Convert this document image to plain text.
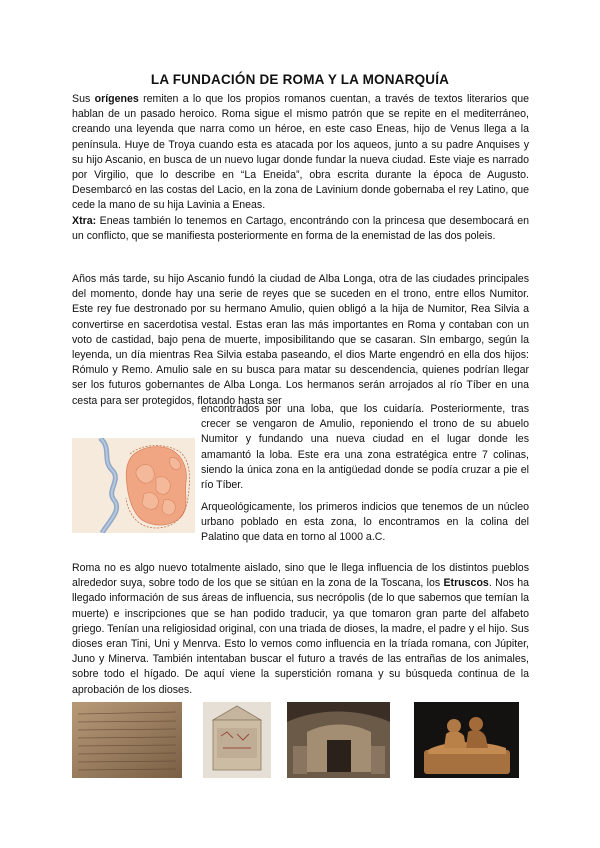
LA FUNDACIÓN DE ROMA Y LA MONARQUÍA
Sus orígenes remiten a lo que los propios romanos cuentan, a través de textos literarios que hablan de un pasado heroico. Roma sigue el mismo patrón que se repite en el mediterráneo, creando una leyenda que narra como un héroe, en este caso Eneas, hijo de Venus llega a la península. Huye de Troya cuando esta es atacada por los aqueos, junto a su padre Anquises y su hijo Ascanio, en busca de un nuevo lugar donde fundar la nueva ciudad. Este viaje es narrado por Virgilio, que lo describe en “La Eneida”, obra escrita durante la época de Augusto. Desembarcó en las costas del Lacio, en la zona de Lavinium donde gobernaba el rey Latino, que cede la mano de su hija Lavinia a Eneas.
Xtra: Eneas también lo tenemos en Cartago, encontrándo con la princesa que desembocará en un conflicto, que se manifiesta posteriormente en forma de la enemistad de las dos poleis.
Años más tarde, su hijo Ascanio fundó la ciudad de Alba Longa, otra de las ciudades principales del momento, donde hay una serie de reyes que se suceden en el trono, entre ellos Numitor. Este rey fue destronado por su hermano Amulio, quien obligó a la hija de Numitor, Rea Silvia a convertirse en sacerdotisa vestal. Estas eran las más importantes en Roma y contaban con un voto de castidad, bajo pena de muerte, imposibilitando que se casaran. SIn embargo, según la leyenda, un día mientras Rea Silvia estaba paseando, el dios Marte engendró en ella dos hijos: Rómulo y Remo. Amulio sale en su busca para matar su descendencia, quienes podrían llegar ser los futuros gobernantes de Alba Longa. Los hermanos serán arrojados al río Tíber en una cesta para ser protegidos, flotando hasta ser
encontrados por una loba, que los cuidaría. Posteriormente, tras crecer se vengaron de Amulio, reponiendo el trono de su abuelo Numitor y fundando una nueva ciudad en el lugar donde les amamantó la loba. Este era una zona estratégica entre 7 colinas, siendo la única zona en la antigüedad donde se podía cruzar a pie el río Tíber.
Arqueológicamente, los primeros indicios que tenemos de un núcleo urbano poblado en esta zona, lo encontramos en la colina del Palatino que data en torno al 1000 a.C.
Roma no es algo nuevo totalmente aislado, sino que le llega influencia de los distintos pueblos alrededor suya, sobre todo de los que se sitúan en la zona de la Toscana, los Etruscos. Nos ha llegado información de sus áreas de influencia, sus necrópolis (de lo que sabemos que temían la muerte) e inscripciones que se han podido traducir, ya que tomaron gran parte del alfabeto griego. Tenían una religiosidad original, con una triada de dioses, la madre, el padre y el hijo. Sus dioses eran Tini, Uni y Menrva. Esto lo vemos como influencia en la tríada romana, con Júpiter, Juno y Minerva. También intentaban buscar el futuro a través de las entrañas de los animales, sobre todo el hígado. De aquí viene la superstición romana y su búsqueda continua de la aprobación de los dioses.
